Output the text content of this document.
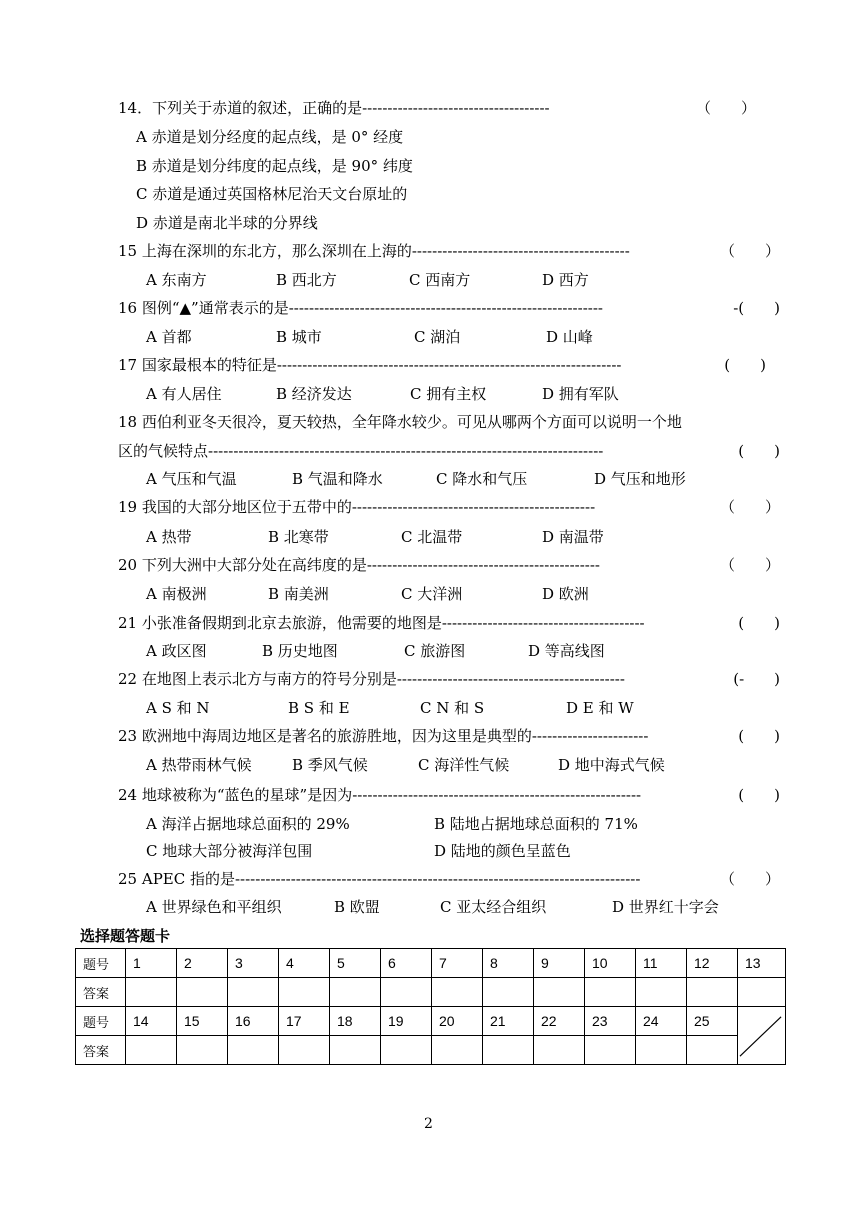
14．下列关于赤道的叙述，正确的是-------------------------------------	（　　）
A 赤道是划分经度的起点线，是 0° 经度
B 赤道是划分纬度的起点线，是 90° 纬度
C 赤道是通过英国格林尼治天文台原址的
D 赤道是南北半球的分界线
15 上海在深圳的东北方，那么深圳在上海的-------------------------------------------	（　　）
A 东南方	B 西北方	C 西南方	D 西方
16 图例“▲”通常表示的是--------------------------------------------------------------	-(　　)
A 首都	B 城市	C 湖泊	D 山峰
17 国家最根本的特征是--------------------------------------------------------------------	(　　)
A 有人居住	B 经济发达	C 拥有主权	D 拥有军队
18 西伯利亚冬天很冷，夏天较热，全年降水较少。可见从哪两个方面可以说明一个地
区的气候特点------------------------------------------------------------------------------	(　　)
A 气压和气温	B 气温和降水	C 降水和气压	D 气压和地形
19 我国的大部分地区位于五带中的------------------------------------------------	（　　）
A 热带	B 北寒带	C 北温带	D 南温带
20 下列大洲中大部分处在高纬度的是----------------------------------------------	（　　）
A 南极洲	B 南美洲	C 大洋洲	D 欧洲
21 小张准备假期到北京去旅游，他需要的地图是----------------------------------------	(　　)
A 政区图	B 历史地图	C 旅游图	D 等高线图
22 在地图上表示北方与南方的符号分别是---------------------------------------------	(-　　)
A S 和 N	B S 和 E	C N 和 S	D E 和 W
23 欧洲地中海周边地区是著名的旅游胜地，因为这里是典型的-----------------------	(　　)
A 热带雨林气候	B 季风气候	C 海洋性气候	D 地中海式气候
24 地球被称为“蓝色的星球”是因为---------------------------------------------------------	(　　)
A 海洋占据地球总面积的 29%	B 陆地占据地球总面积的 71%
C 地球大部分被海洋包围	D 陆地的颜色呈蓝色
25 APEC 指的是--------------------------------------------------------------------------------	（　　）
A 世界绿色和平组织	B 欧盟	C 亚太经合组织	D 世界红十字会
选择题答题卡
题号	1	2	3	4	5	6	7	8	9	10	11	12	13
答案													
题号	14	15	16	17	18	19	20	21	22	23	24	25	

答案													
2
